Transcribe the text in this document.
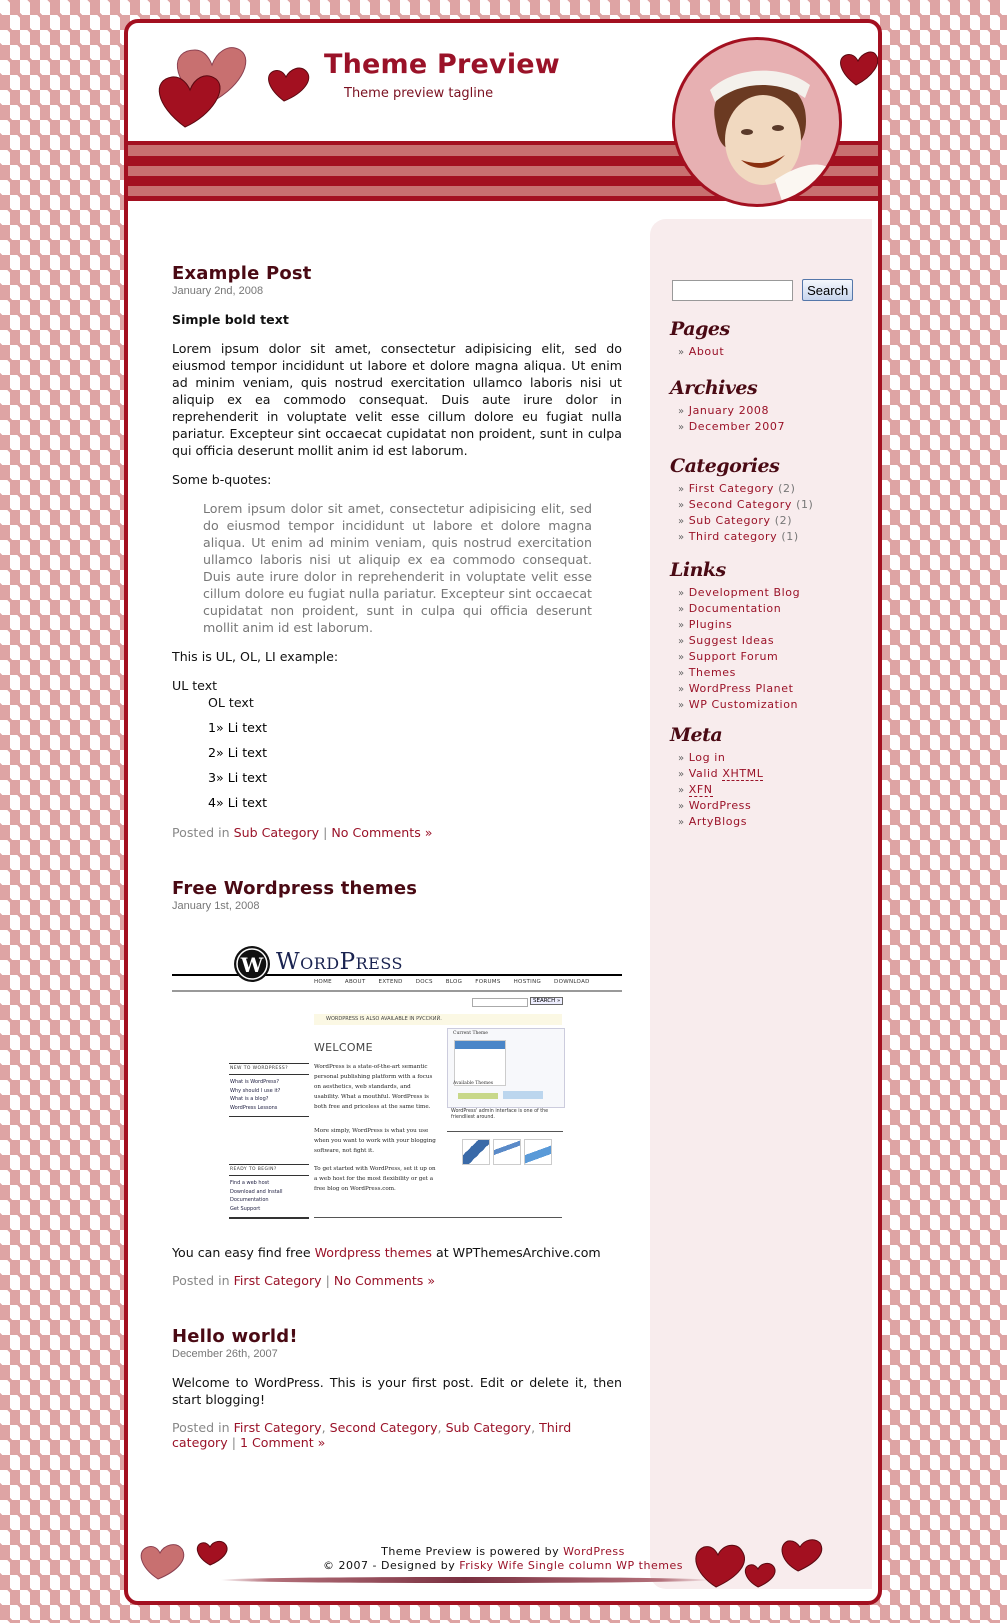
Theme Preview

Theme preview tagline

Example Post

January 2nd, 2008

Simple bold text

Lorem ipsum dolor sit amet, consectetur adipisicing elit, sed do eiusmod tempor incididunt ut labore et dolore magna aliqua. Ut enim ad minim veniam, quis nostrud exercitation ullamco laboris nisi ut aliquip ex ea commodo consequat. Duis aute irure dolor in reprehenderit in voluptate velit esse cillum dolore eu fugiat nulla pariatur. Excepteur sint occaecat cupidatat non proident, sunt in culpa qui officia deserunt mollit anim id est laborum.

Some b-quotes:

Lorem ipsum dolor sit amet, consectetur adipisicing elit, sed do eiusmod tempor incididunt ut labore et dolore magna aliqua. Ut enim ad minim veniam, quis nostrud exercitation ullamco laboris nisi ut aliquip ex ea commodo consequat. Duis aute irure dolor in reprehenderit in voluptate velit esse cillum dolore eu fugiat nulla pariatur. Excepteur sint occaecat cupidatat non proident, sunt in culpa qui officia deserunt mollit anim id est laborum.

This is UL, OL, LI example:

UL text

OL text

1» Li text
2» Li text
3» Li text
4» Li text

Posted in Sub Category | No Comments »

Free Wordpress themes

January 1st, 2008

W WordPress
HOME ABOUT EXTEND DOCS BLOG FORUMS HOSTING DOWNLOAD
SEARCH »
WORDPRESS IS ALSO AVAILABLE IN РУССКИЙ.
WELCOME
WordPress is a state-of-the-art semantic personal publishing platform with a focus on aesthetics, web standards, and usability. What a mouthful. WordPress is both free and priceless at the same time.
More simply, WordPress is what you use when you want to work with your blogging software, not fight it.
To get started with WordPress, set it up on a web host for the most flexibility or get a free blog on WordPress.com.
NEW TO WORDPRESS?
What is WordPress?
Why should I use it?
What is a blog?
WordPress Lessons
READY TO BEGIN?
Find a web host
Download and Install
Documentation
Get Support
Current Theme
Available Themes
WordPress' admin interface is one of the friendliest around.

You can easy find free Wordpress themes at WPThemesArchive.com

Posted in First Category | No Comments »

Hello world!

December 26th, 2007

Welcome to WordPress. This is your first post. Edit or delete it, then start blogging!

Posted in First Category, Second Category, Sub Category, Third category | 1 Comment »

Search
Pages
» About
Archives
» January 2008
» December 2007
Categories
» First Category (2)
» Second Category (1)
» Sub Category (2)
» Third category (1)
Links
» Development Blog
» Documentation
» Plugins
» Suggest Ideas
» Support Forum
» Themes
» WordPress Planet
» WP Customization
Meta
» Log in
» Valid XHTML
» XFN
» WordPress
» ArtyBlogs

Theme Preview is powered by WordPress

© 2007 - Designed by Frisky Wife Single column WP themes
